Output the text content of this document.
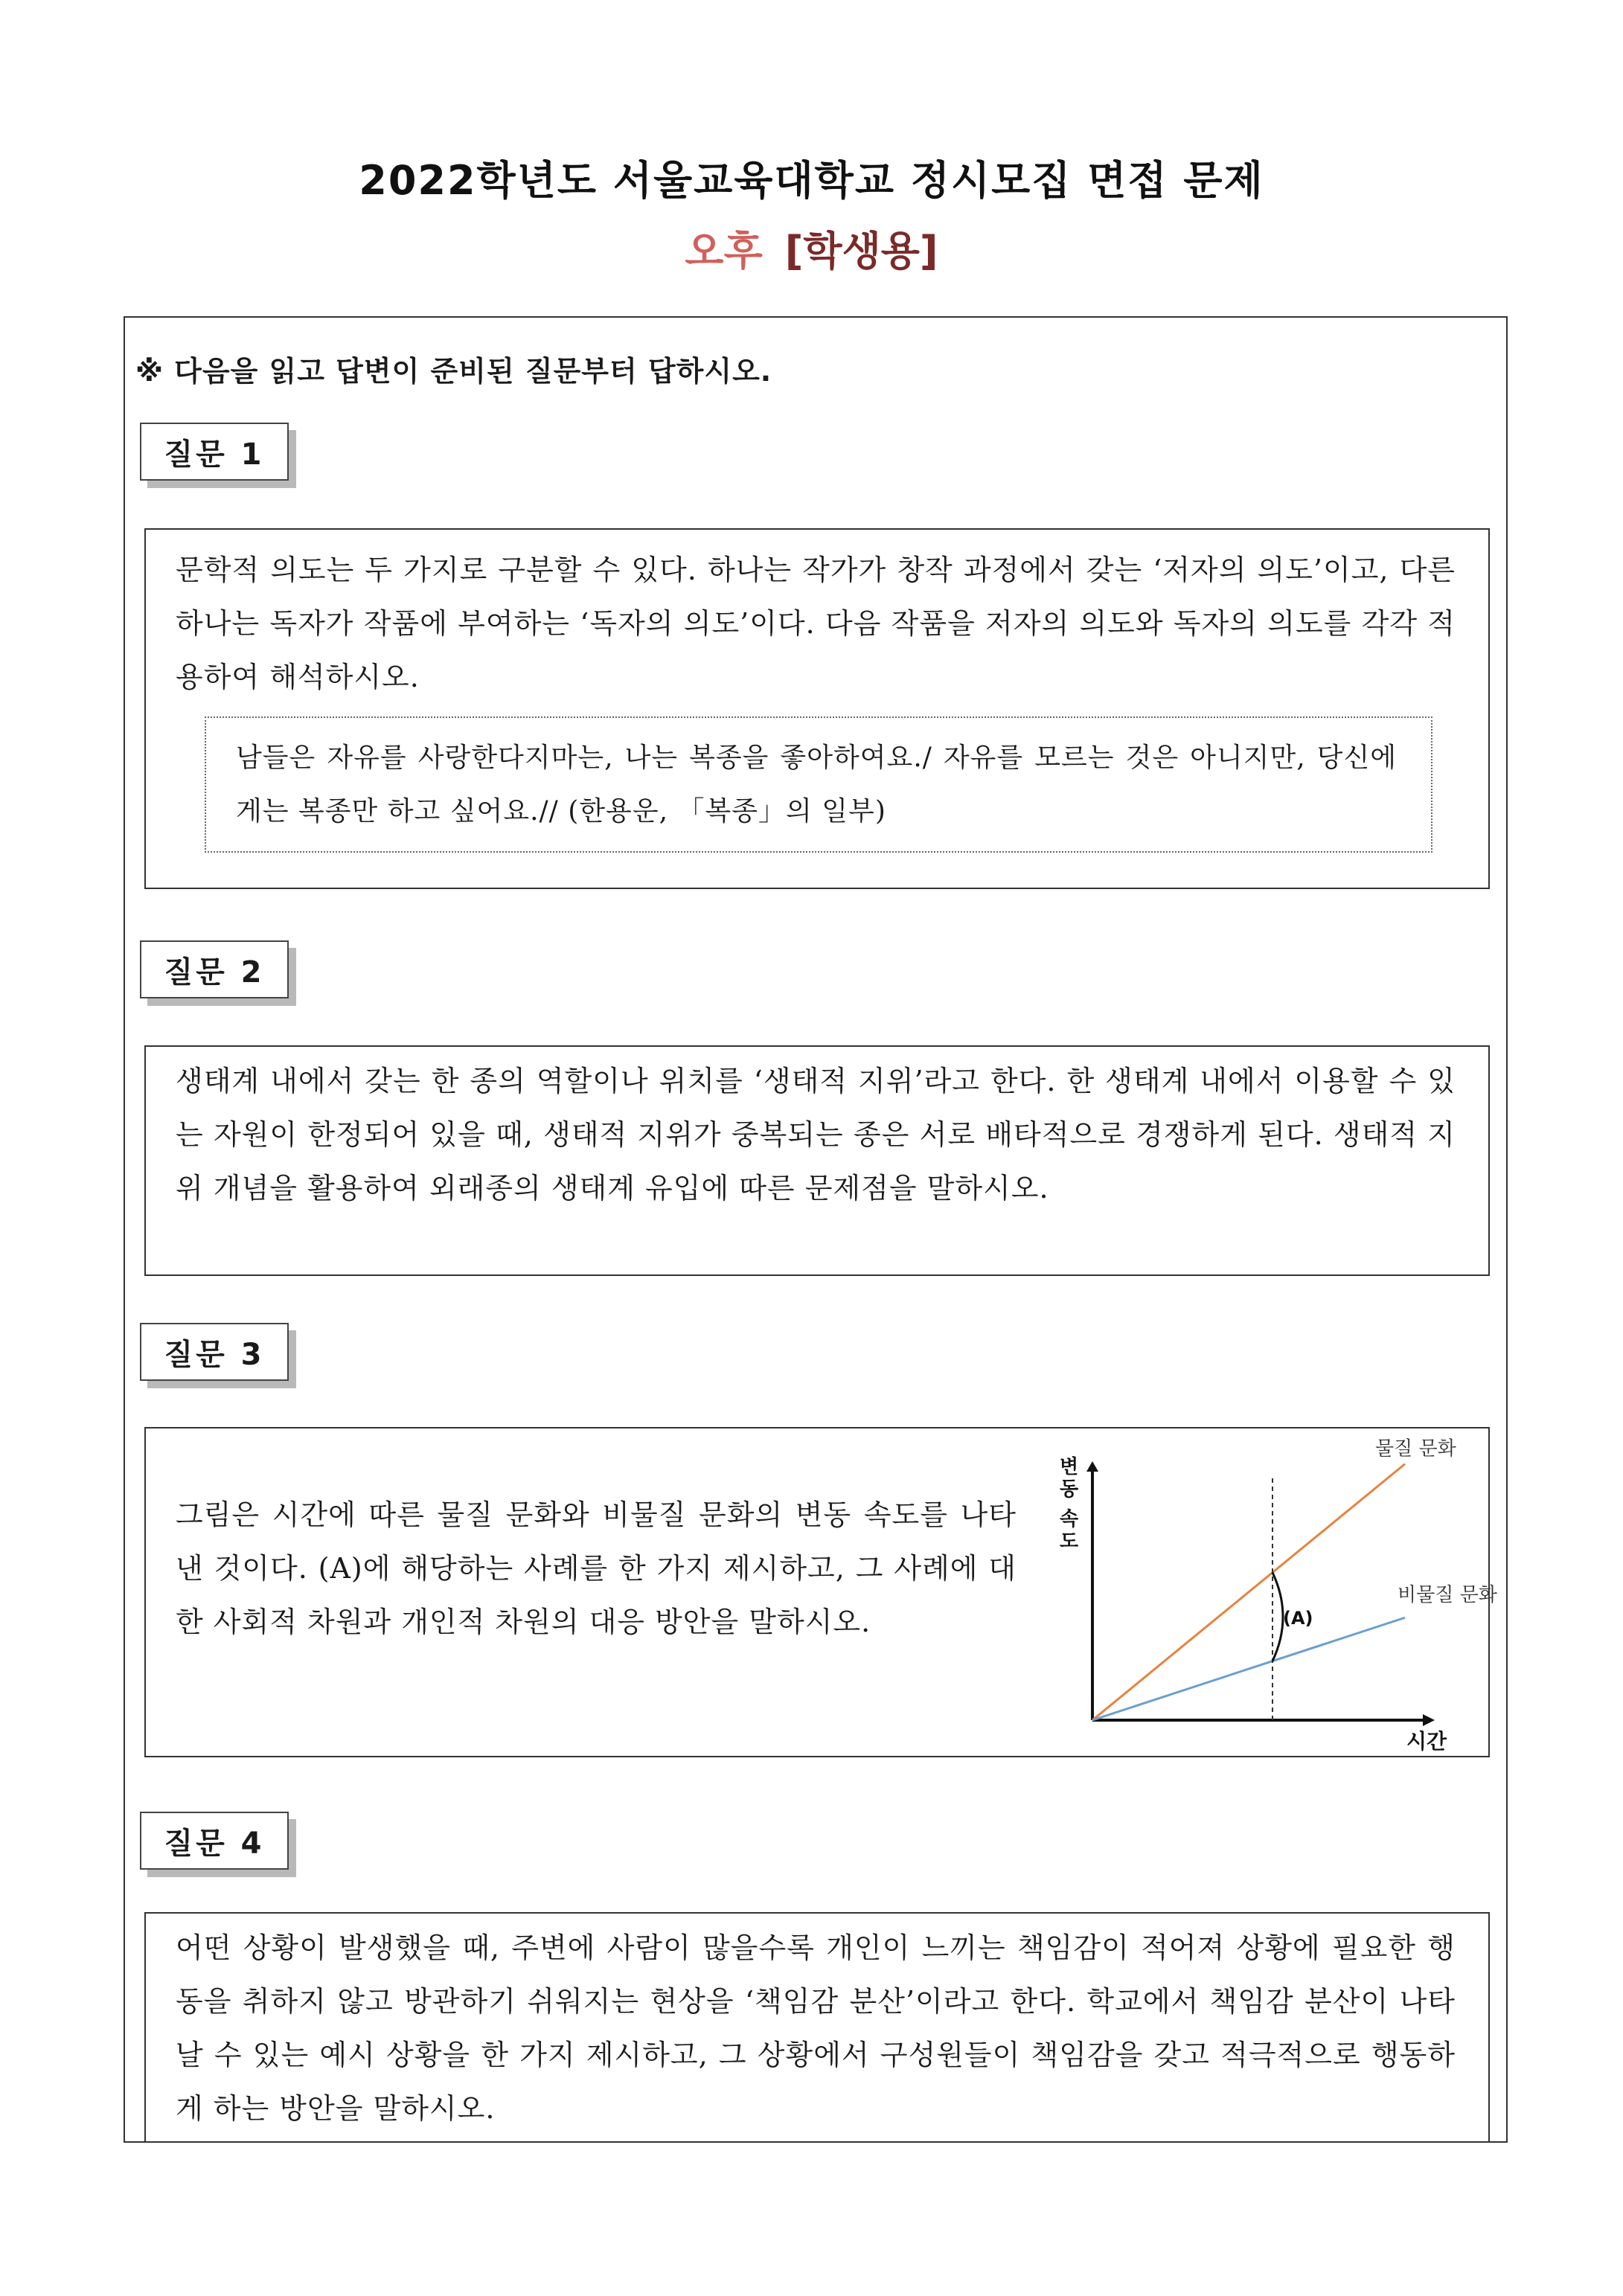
2022학년도 서울교육대학교 정시모집 면접 문제
오후 [학생용]
※ 다음을 읽고 답변이 준비된 질문부터 답하시오.
질문 1
문학적 의도는 두 가지로 구분할 수 있다. 하나는 작가가 창작 과정에서 갖는 ‘저자의 의도’이고, 다른 하나는 독자가 작품에 부여하는 ‘독자의 의도’이다. 다음 작품을 저자의 의도와 독자의 의도를 각각 적용하여 해석하시오.
남들은 자유를 사랑한다지마는, 나는 복종을 좋아하여요./ 자유를 모르는 것은 아니지만, 당신에게는 복종만 하고 싶어요.// (한용운, 「복종」의 일부)
질문 2
생태계 내에서 갖는 한 종의 역할이나 위치를 ‘생태적 지위’라고 한다. 한 생태계 내에서 이용할 수 있는 자원이 한정되어 있을 때, 생태적 지위가 중복되는 종은 서로 배타적으로 경쟁하게 된다. 생태적 지위 개념을 활용하여 외래종의 생태계 유입에 따른 문제점을 말하시오.
질문 3
그림은 시간에 따른 물질 문화와 비물질 문화의 변동 속도를 나타낸 것이다. (A)에 해당하는 사례를 한 가지 제시하고, 그 사례에 대한 사회적 차원과 개인적 차원의 대응 방안을 말하시오.
물질 문화
비물질 문화
(A)
시간
변
동
속
도
질문 4
어떤 상황이 발생했을 때, 주변에 사람이 많을수록 개인이 느끼는 책임감이 적어져 상황에 필요한 행동을 취하지 않고 방관하기 쉬워지는 현상을 ‘책임감 분산’이라고 한다. 학교에서 책임감 분산이 나타날 수 있는 예시 상황을 한 가지 제시하고, 그 상황에서 구성원들이 책임감을 갖고 적극적으로 행동하게 하는 방안을 말하시오.
